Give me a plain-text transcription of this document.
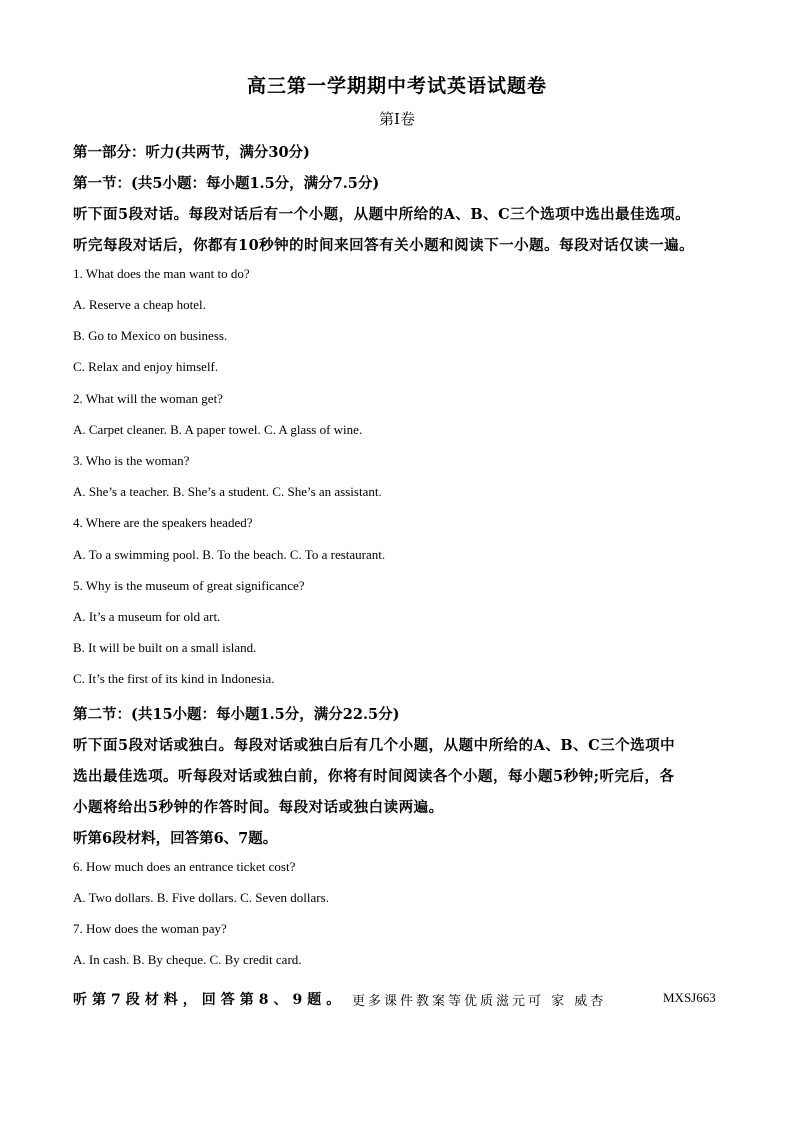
高三第一学期期中考试英语试题卷
第Ⅰ卷
第一部分：听力(共两节，满分30分)
第一节：(共5小题：每小题1.5分，满分7.5分)
听下面5段对话。每段对话后有一个小题，从题中所给的A、B、C三个选项中选出最佳选项。
听完每段对话后，你都有10秒钟的时间来回答有关小题和阅读下一小题。每段对话仅读一遍。
1. What does the man want to do?
A. Reserve a cheap hotel.
B. Go to Mexico on business.
C. Relax and enjoy himself.
2. What will the woman get?
A. Carpet cleaner. B. A paper towel. C. A glass of wine.
3. Who is the woman?
A. She’s a teacher. B. She’s a student. C. She’s an assistant.
4. Where are the speakers headed?
A. To a swimming pool. B. To the beach. C. To a restaurant.
5. Why is the museum of great significance?
A. It’s a museum for old art.
B. It will be built on a small island.
C. It’s the first of its kind in Indonesia.
第二节：(共15小题：每小题1.5分，满分22.5分)
听下面5段对话或独白。每段对话或独白后有几个小题，从题中所给的A、B、C三个选项中
选出最佳选项。听每段对话或独白前，你将有时间阅读各个小题，每小题5秒钟;听完后，各
小题将给出5秒钟的作答时间。每段对话或独白读两遍。
听第6段材料，回答第6、7题。
6. How much does an entrance ticket cost?
A. Two dollars. B. Five dollars. C. Seven dollars.
7. How does the woman pay?
A. In cash. B. By cheque. C. By credit card.
听第7段材料，回答第8、9题。 更多课件教案等优质滋元可 家 威杏	MXSJ663
